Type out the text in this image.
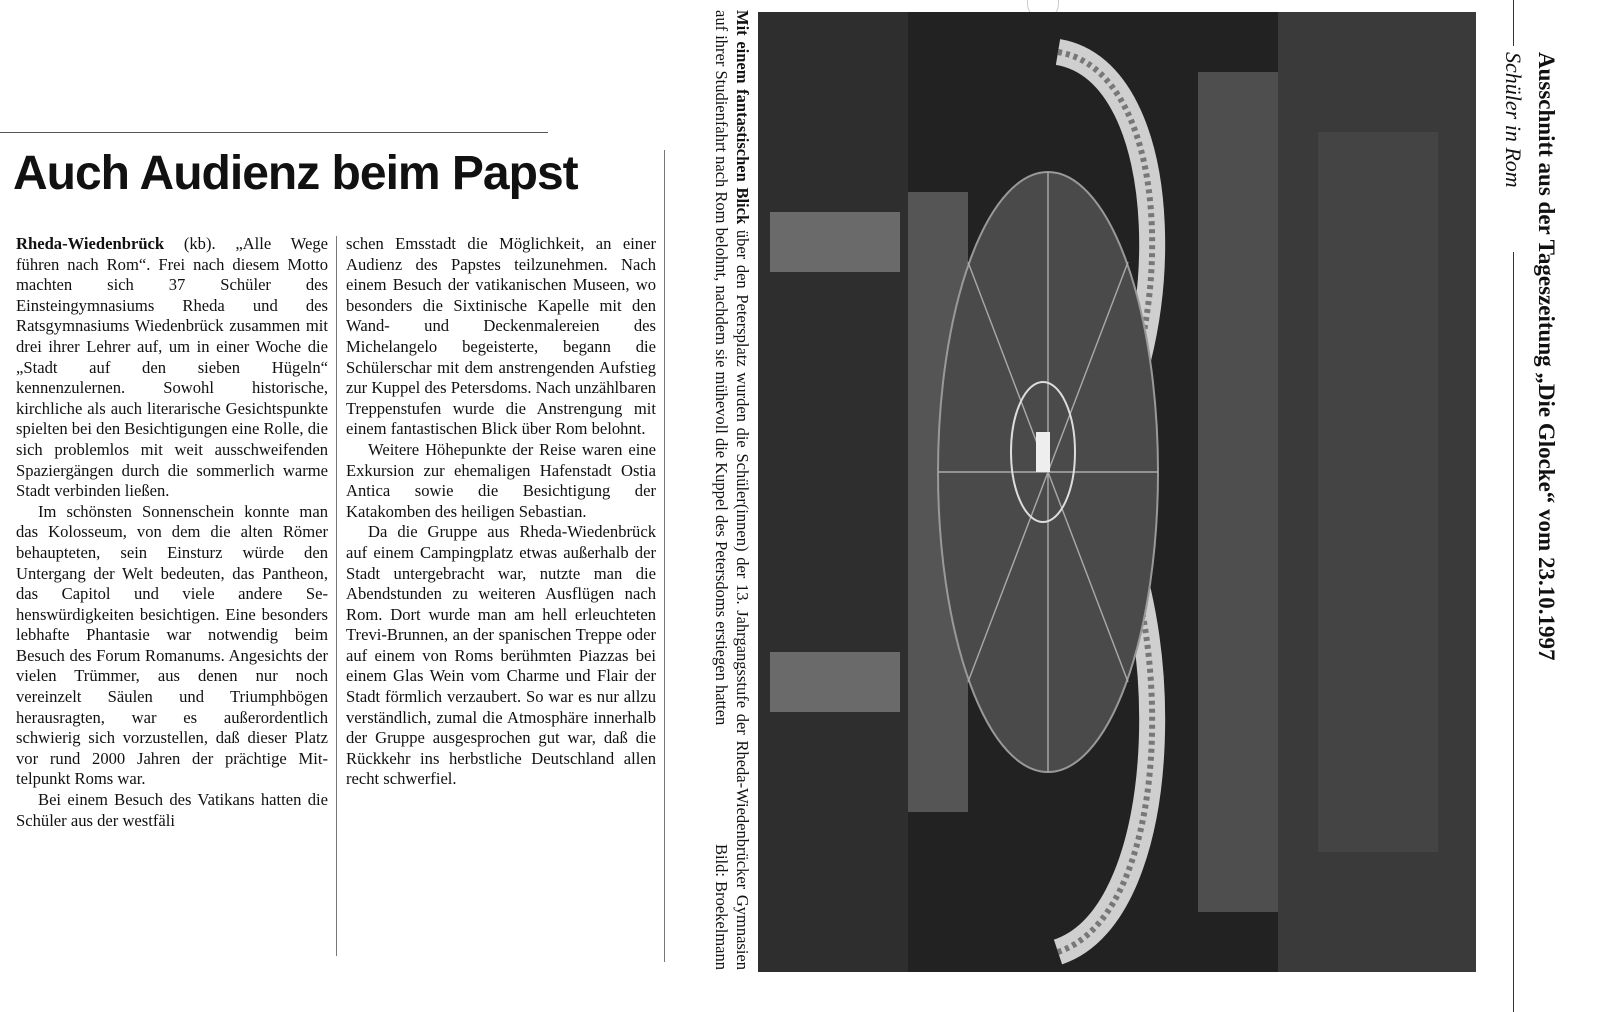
Auch Audienz beim Papst

Rheda-Wiedenbrück (kb). „Alle Wege führen nach Rom“. Frei nach diesem Motto machten sich 37 Schüler des Einsteingymnasiums Rheda und des Ratsgymnasiums Wiedenbrück zusammen mit drei ihrer Lehrer auf, um in einer Woche die „Stadt auf den sieben Hügeln“ kennenzulernen. Sowohl historische, kirchliche als auch literarische Gesichtspunkte spielten bei den Besichtigungen eine Rolle, die sich problemlos mit weit ausschweifenden Spaziergängen durch die sommerlich warme Stadt verbinden ließen.

Im schönsten Sonnenschein konnte man das Kolosseum, von dem die alten Römer behaupteten, sein Einsturz würde den Untergang der Welt bedeuten, das Pantheon, das Capitol und viele andere Sehenswürdigkeiten besichtigen. Eine besonders lebhafte Phantasie war notwendig beim Besuch des Forum Romanums. Angesichts der vielen Trümmer, aus denen nur noch vereinzelt Säulen und Triumphbögen herausragten, war es außerordentlich schwierig sich vorzustellen, daß dieser Platz vor rund 2000 Jahren der prächtige Mittelpunkt Roms war.

Bei einem Besuch des Vatikans hatten die Schüler aus der westfäli

schen Emsstadt die Möglichkeit, an einer Audienz des Papstes teilzunehmen. Nach einem Besuch der vatikanischen Museen, wo besonders die Sixtinische Kapelle mit den Wand- und Deckenmalereien des Michelangelo begeisterte, begann die Schülerschar mit dem anstrengenden Aufstieg zur Kuppel des Petersdoms. Nach unzählbaren Treppenstufen wurde die Anstrengung mit einem fantastischen Blick über Rom belohnt.

Weitere Höhepunkte der Reise waren eine Exkursion zur ehemaligen Hafenstadt Ostia Antica sowie die Besichtigung der Katakomben des heiligen Sebastian.

Da die Gruppe aus Rheda-Wiedenbrück auf einem Campingplatz etwas außerhalb der Stadt untergebracht war, nutzte man die Abendstunden zu weiteren Ausflügen nach Rom. Dort wurde man am hell erleuchteten Trevi-Brunnen, an der spanischen Treppe oder auf einem von Roms berühmten Piazzas bei einem Glas Wein vom Charme und Flair der Stadt förmlich verzaubert. So war es nur allzu verständlich, zumal die Atmosphäre innerhalb der Gruppe ausgesprochen gut war, daß die Rückkehr ins herbstliche Deutschland allen recht schwerfiel.

Mit einem fantastischen Blick über den Petersplatz wurden die Schüler(innen) der 13. Jahrgangsstufe der Rheda-Wiedenbrücker Gymnasien auf ihrer Studienfahrt nach Rom belohnt, nachdem sie mühevoll die Kuppel des Petersdoms erstiegen hatten
Bild: Broekelmann
Ausschnitt aus der Tageszeitung „Die Glocke“ vom 23.10.1997
Schüler in Rom
